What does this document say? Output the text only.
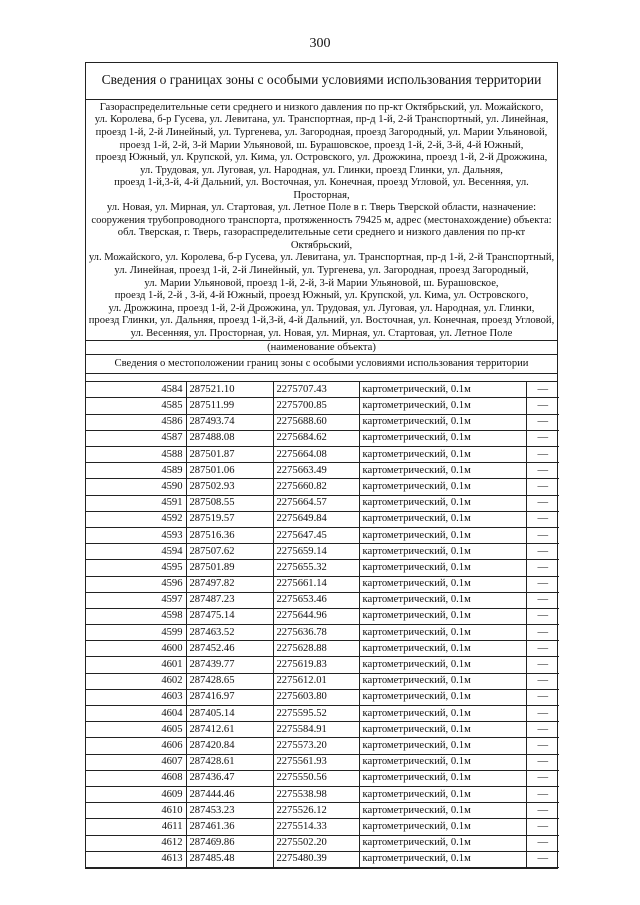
300
Сведения о границах зоны с особыми условиями использования территории
Газораспределительные сети среднего и низкого давления по пр-кт Октябрьский, ул. Можайского,
ул. Королева, б-р Гусева, ул. Левитана, ул. Транспортная, пр-д 1-й, 2-й Транспортный, ул. Линейная,
проезд 1-й, 2-й Линейный, ул. Тургенева, ул. Загородная, проезд Загородный, ул. Марии Ульяновой,
проезд 1-й, 2-й, 3-й Марии Ульяновой, ш. Бурашовское, проезд 1-й, 2-й, 3-й, 4-й Южный,
проезд Южный, ул. Крупской, ул. Кима, ул. Островского, ул. Дрожжина, проезд 1-й, 2-й Дрожжина,
ул. Трудовая, ул. Луговая, ул. Народная, ул. Глинки, проезд Глинки, ул. Дальняя,
проезд 1-й,3-й, 4-й Дальний, ул. Восточная, ул. Конечная, проезд Угловой, ул. Весенняя, ул. Просторная,
ул. Новая, ул. Мирная, ул. Стартовая, ул. Летное Поле в г. Тверь Тверской области, назначение:
сооружения трубопроводного транспорта, протяженность 79425 м, адрес (местонахождение) объекта:
обл. Тверская, г. Тверь, газораспределительные сети среднего и низкого давления по пр-кт Октябрьский,
ул. Можайского, ул. Королева, б-р Гусева, ул. Левитана, ул. Транспортная, пр-д 1-й, 2-й Транспортный,
ул. Линейная, проезд 1-й, 2-й Линейный, ул. Тургенева, ул. Загородная, проезд Загородный,
ул. Марии Ульяновой, проезд 1-й, 2-й, 3-й Марии Ульяновой, ш. Бурашовское,
проезд 1-й, 2-й , 3-й, 4-й Южный, проезд Южный, ул. Крупской, ул. Кима, ул. Островского,
ул. Дрожжина, проезд 1-й, 2-й Дрожжина, ул. Трудовая, ул. Луговая, ул. Народная, ул. Глинки,
проезд Глинки, ул. Дальняя, проезд 1-й,3-й, 4-й Дальний, ул. Восточная, ул. Конечная, проезд Угловой,
ул. Весенняя, ул. Просторная, ул. Новая, ул. Мирная, ул. Стартовая, ул. Летное Поле
(наименование объекта)
Сведения о местоположении границ зоны с особыми условиями использования территории
4584	287521.10	2275707.43	картометрический, 0.1м	—
4585	287511.99	2275700.85	картометрический, 0.1м	—
4586	287493.74	2275688.60	картометрический, 0.1м	—
4587	287488.08	2275684.62	картометрический, 0.1м	—
4588	287501.87	2275664.08	картометрический, 0.1м	—
4589	287501.06	2275663.49	картометрический, 0.1м	—
4590	287502.93	2275660.82	картометрический, 0.1м	—
4591	287508.55	2275664.57	картометрический, 0.1м	—
4592	287519.57	2275649.84	картометрический, 0.1м	—
4593	287516.36	2275647.45	картометрический, 0.1м	—
4594	287507.62	2275659.14	картометрический, 0.1м	—
4595	287501.89	2275655.32	картометрический, 0.1м	—
4596	287497.82	2275661.14	картометрический, 0.1м	—
4597	287487.23	2275653.46	картометрический, 0.1м	—
4598	287475.14	2275644.96	картометрический, 0.1м	—
4599	287463.52	2275636.78	картометрический, 0.1м	—
4600	287452.46	2275628.88	картометрический, 0.1м	—
4601	287439.77	2275619.83	картометрический, 0.1м	—
4602	287428.65	2275612.01	картометрический, 0.1м	—
4603	287416.97	2275603.80	картометрический, 0.1м	—
4604	287405.14	2275595.52	картометрический, 0.1м	—
4605	287412.61	2275584.91	картометрический, 0.1м	—
4606	287420.84	2275573.20	картометрический, 0.1м	—
4607	287428.61	2275561.93	картометрический, 0.1м	—
4608	287436.47	2275550.56	картометрический, 0.1м	—
4609	287444.46	2275538.98	картометрический, 0.1м	—
4610	287453.23	2275526.12	картометрический, 0.1м	—
4611	287461.36	2275514.33	картометрический, 0.1м	—
4612	287469.86	2275502.20	картометрический, 0.1м	—
4613	287485.48	2275480.39	картометрический, 0.1м	—
